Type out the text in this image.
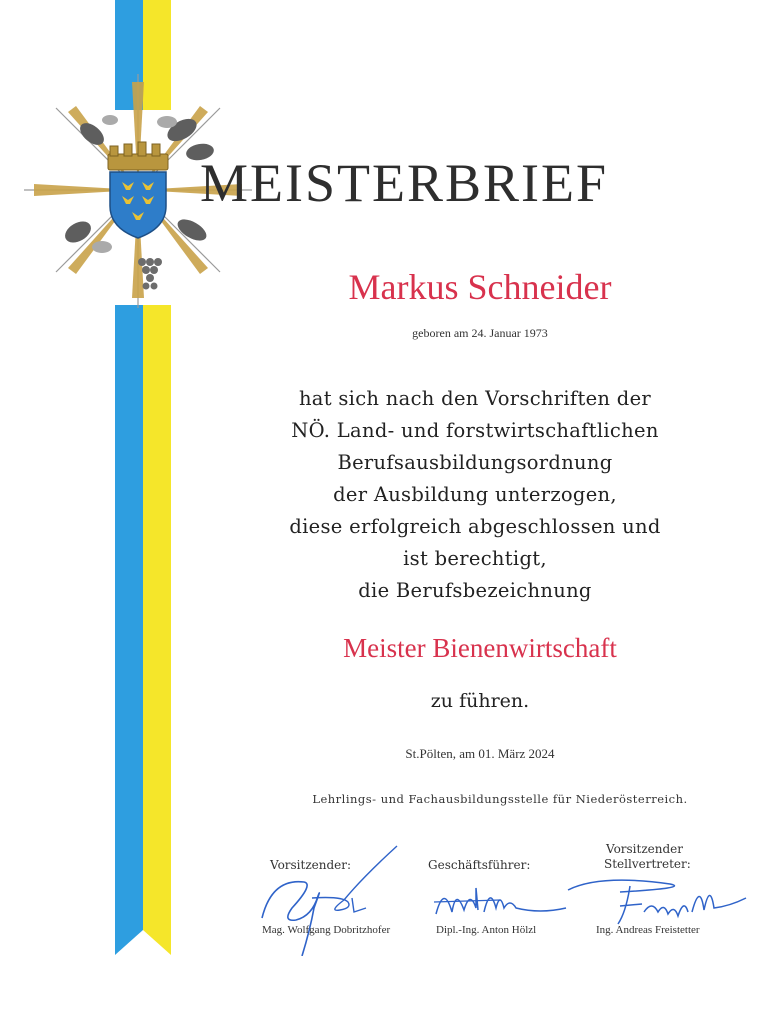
MEISTERBRIEF
Markus Schneider
geboren am 24. Januar 1973
hat sich nach den Vorschriften der
NÖ. Land- und forstwirtschaftlichen
Berufsausbildungsordnung
der Ausbildung unterzogen,
diese erfolgreich abgeschlossen und
ist berechtigt,
die Berufsbezeichnung
Meister Bienenwirtschaft
zu führen.
St.Pölten, am 01. März 2024
Lehrlings- und Fachausbildungsstelle für Niederösterreich.
Vorsitzender:
Mag. Wolfgang Dobritzhofer
Geschäftsführer:
Dipl.-Ing. Anton Hölzl
Vorsitzender
Stellvertreter:
Ing. Andreas Freistetter
